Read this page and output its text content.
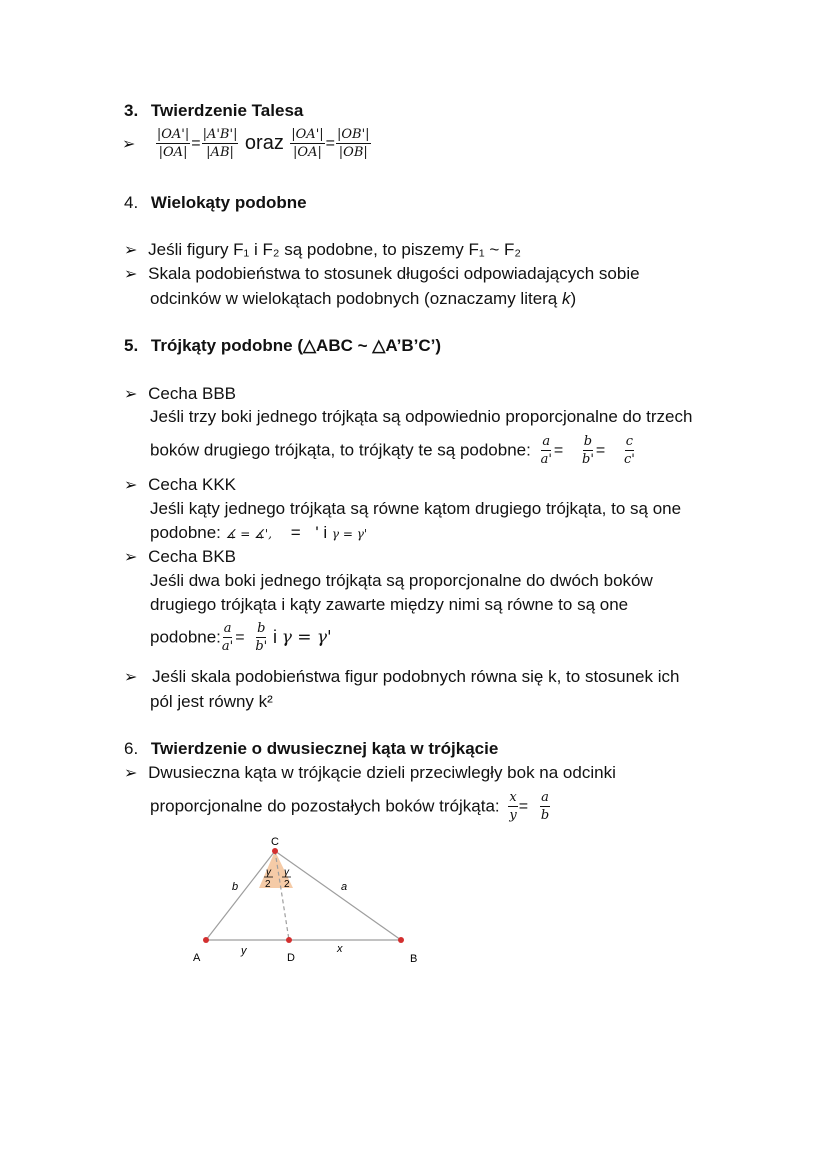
3. Twierdzenie Talesa
➢ $\frac{|OA'|}{|OA|} = \frac{|A'B'|}{|AB|}$ oraz $\frac{|OA'|}{|OA|} = \frac{|OB'|}{|OB|}$
4. Wielokąty podobne
➢ Jeśli figury F₁ i F₂ są podobne, to piszemy F₁ ~ F₂
➢ Skala podobieństwa to stosunek długości odpowiadających sobie
odcinków w wielokątach podobnych (oznaczamy literą k)
5. Trójkąty podobne (△ABC ~ △A’B’C’)
➢ Cecha BBB
Jeśli trzy boki jednego trójkąta są odpowiednio proporcjonalne do trzech
boków drugiego trójkąta, to trójkąty te są podobne: $\frac{a}{a'} = \frac{b}{b'} = \frac{c}{c'}$
➢ Cecha KKK
Jeśli kąty jednego trójkąta są równe kątom drugiego trójkąta, to są one
podobne: ∡ = ∡', = ' i γ = γ'
➢ Cecha BKB
Jeśli dwa boki jednego trójkąta są proporcjonalne do dwóch boków
drugiego trójkąta i kąty zawarte między nimi są równe to są one
podobne: $\frac{a}{a'} = \frac{b}{b'}$ i γ = γ'
➢ Jeśli skala podobieństwa figur podobnych równa się k, to stosunek ich
pól jest równy k²
6. Twierdzenie o dwusiecznej kąta w trójkącie
➢ Dwusieczna kąta w trójkącie dzieli przeciwległy bok na odcinki
proporcjonalne do pozostałych boków trójkąta: $\frac{x}{y} = \frac{a}{b}$
C
A	B
D
b	a
y	x
γ
2
γ
2
